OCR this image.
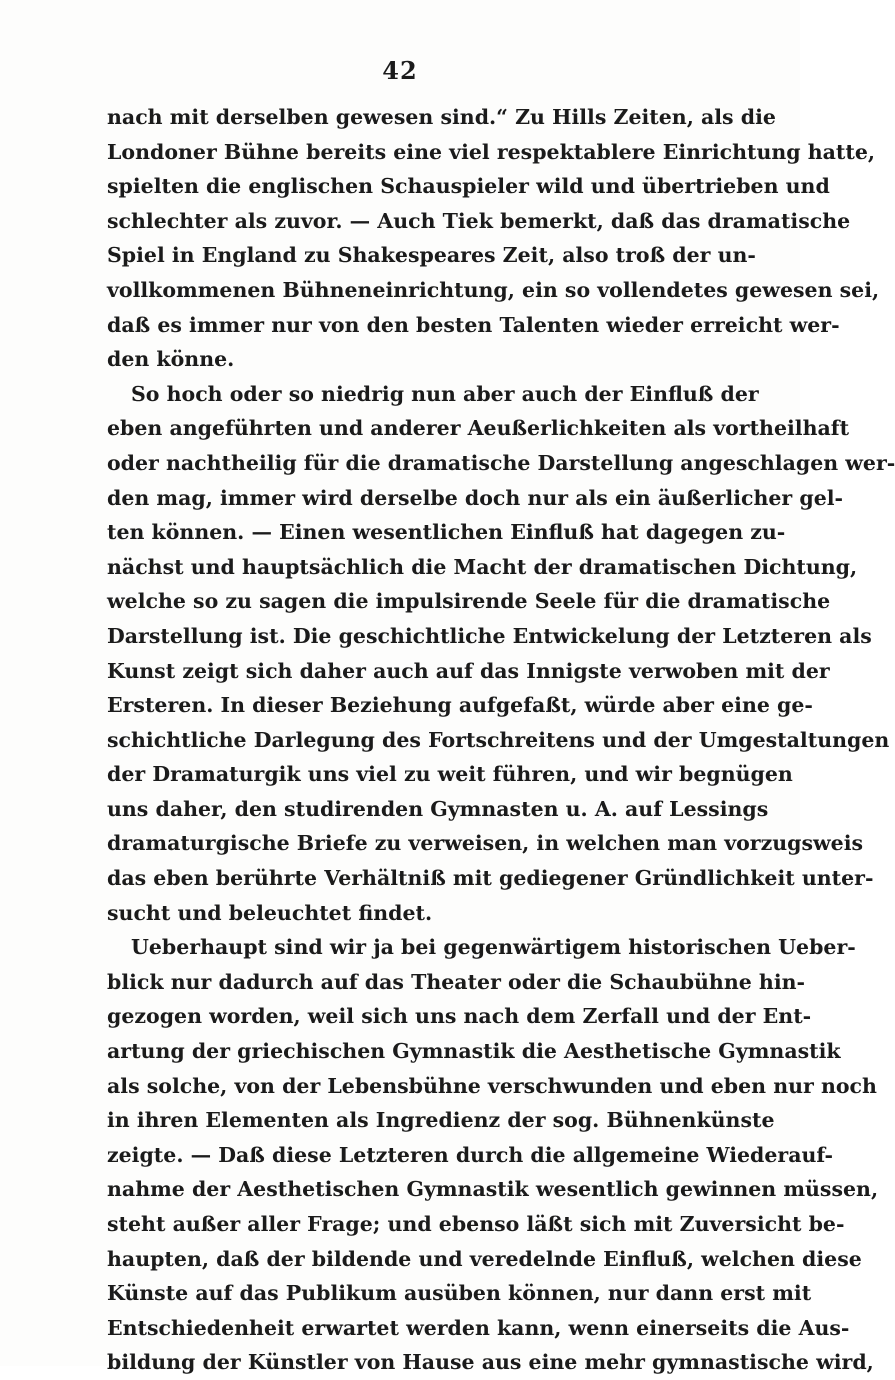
42
nach mit derselben gewesen sind.“ Zu Hills Zeiten, als die
Londoner Bühne bereits eine viel respektablere Einrichtung hatte,
spielten die englischen Schauspieler wild und übertrieben und
schlechter als zuvor. — Auch Tiek bemerkt, daß das dramatische
Spiel in England zu Shakespeares Zeit, also troß der un-
vollkommenen Bühneneinrichtung, ein so vollendetes gewesen sei,
daß es immer nur von den besten Talenten wieder erreicht wer-
den könne.
So hoch oder so niedrig nun aber auch der Einfluß der
eben angeführten und anderer Aeußerlichkeiten als vortheilhaft
oder nachtheilig für die dramatische Darstellung angeschlagen wer-
den mag, immer wird derselbe doch nur als ein äußerlicher gel-
ten können. — Einen wesentlichen Einfluß hat dagegen zu-
nächst und hauptsächlich die Macht der dramatischen Dichtung,
welche so zu sagen die impulsirende Seele für die dramatische
Darstellung ist. Die geschichtliche Entwickelung der Letzteren als
Kunst zeigt sich daher auch auf das Innigste verwoben mit der
Ersteren. In dieser Beziehung aufgefaßt, würde aber eine ge-
schichtliche Darlegung des Fortschreitens und der Umgestaltungen
der Dramaturgik uns viel zu weit führen, und wir begnügen
uns daher, den studirenden Gymnasten u. A. auf Lessings
dramaturgische Briefe zu verweisen, in welchen man vorzugsweis
das eben berührte Verhältniß mit gediegener Gründlichkeit unter-
sucht und beleuchtet findet.
Ueberhaupt sind wir ja bei gegenwärtigem historischen Ueber-
blick nur dadurch auf das Theater oder die Schaubühne hin-
gezogen worden, weil sich uns nach dem Zerfall und der Ent-
artung der griechischen Gymnastik die Aesthetische Gymnastik
als solche, von der Lebensbühne verschwunden und eben nur noch
in ihren Elementen als Ingredienz der sog. Bühnenkünste
zeigte. — Daß diese Letzteren durch die allgemeine Wiederauf-
nahme der Aesthetischen Gymnastik wesentlich gewinnen müssen,
steht außer aller Frage; und ebenso läßt sich mit Zuversicht be-
haupten, daß der bildende und veredelnde Einfluß, welchen diese
Künste auf das Publikum ausüben können, nur dann erst mit
Entschiedenheit erwartet werden kann, wenn einerseits die Aus-
bildung der Künstler von Hause aus eine mehr gymnastische wird,
